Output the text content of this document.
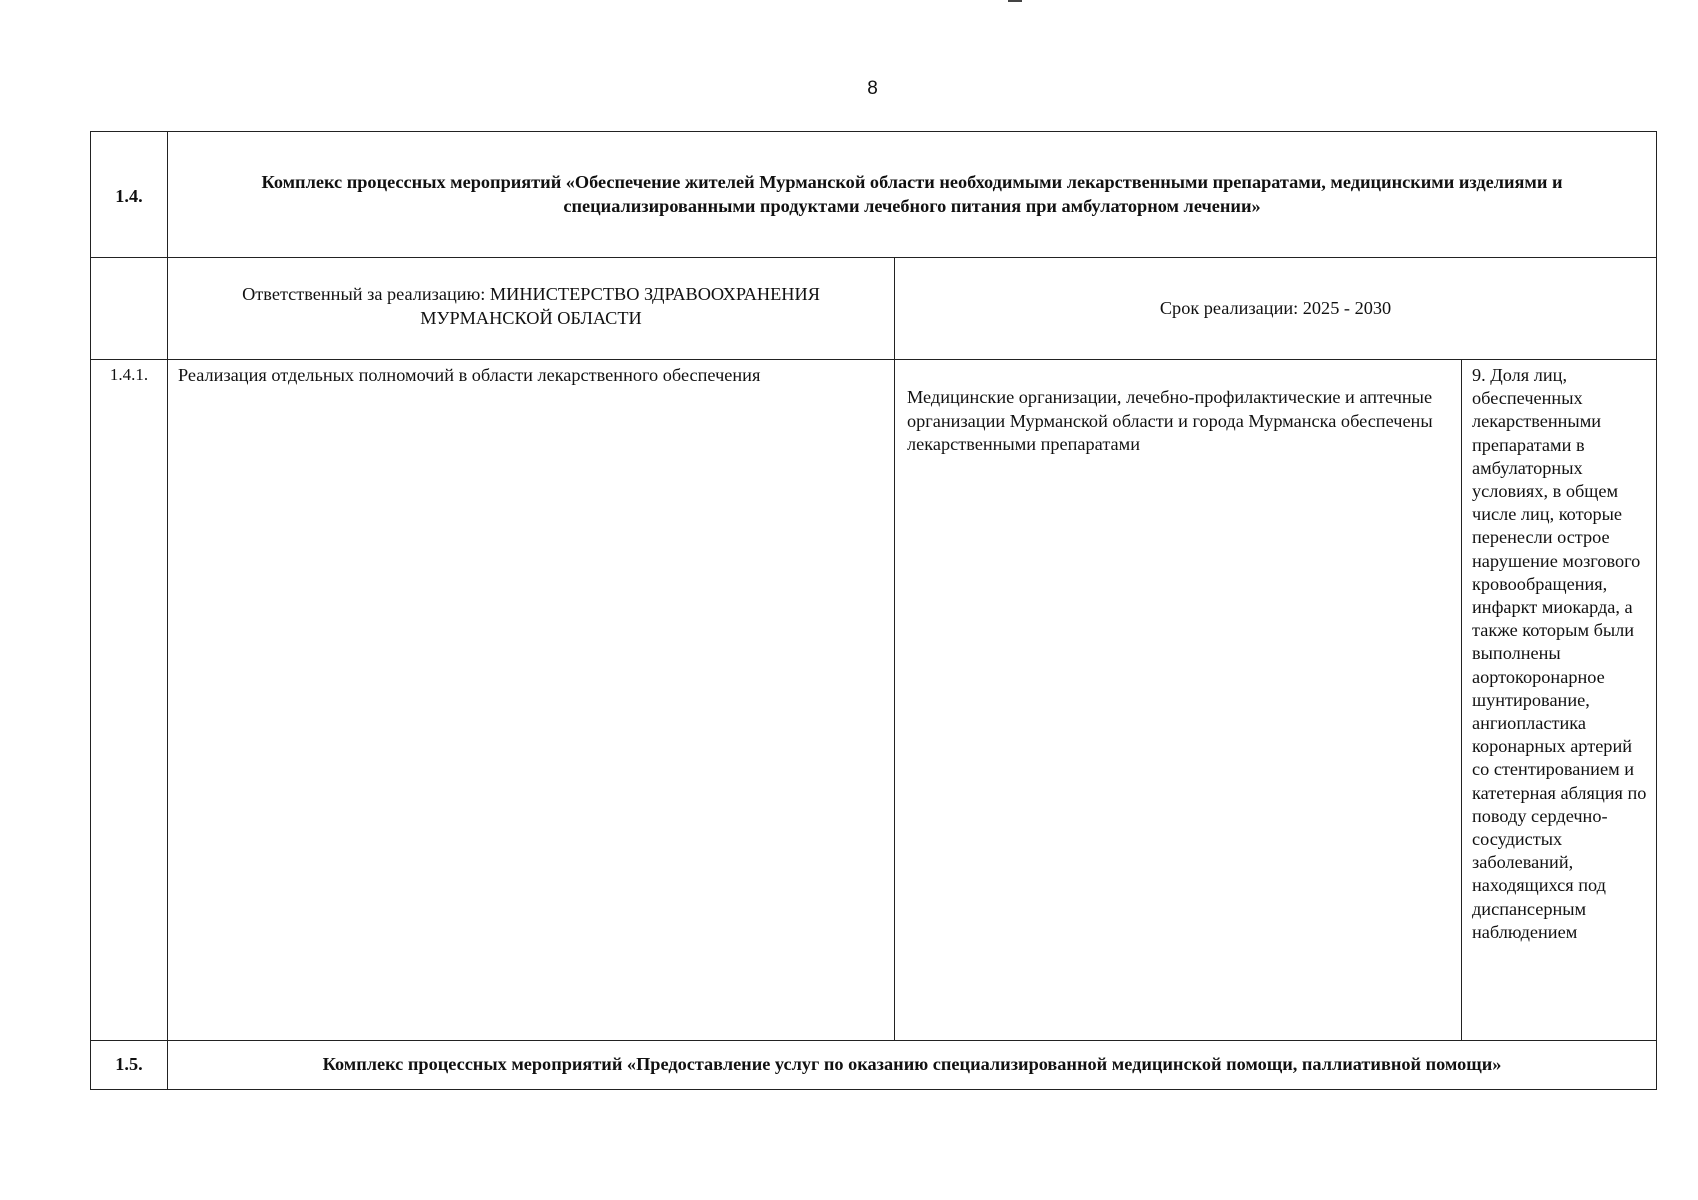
8
1.4.	Комплекс процессных мероприятий «Обеспечение жителей Мурманской области необходимыми лекарственными препаратами, медицинскими изделиями и специализированными продуктами лечебного питания при амбулаторном лечении»		
	Ответственный за реализацию: МИНИСТЕРСТВО ЗДРАВООХРАНЕНИЯ МУРМАНСКОЙ ОБЛАСТИ	Срок реализации: 2025 - 2030	
1.4.1.	Реализация отдельных полномочий в области лекарственного обеспечения	Медицинские организации, лечебно-профилактические и аптечные организации Мурманской области и города Мурманска обеспечены лекарственными препаратами	9. Доля лиц, обеспеченных лекарственными препаратами в амбулаторных условиях, в общем числе лиц, которые перенесли острое нарушение мозгового кровообращения, инфаркт миокарда, а также которым были выполнены аортокоронарное шунтирование, ангиопластика коронарных артерий со стентированием и катетерная абляция по поводу сердечно-сосудистых заболеваний, находящихся под диспансерным наблюдением
1.5.	Комплекс процессных мероприятий «Предоставление услуг по оказанию специализированной медицинской помощи, паллиативной помощи»		
